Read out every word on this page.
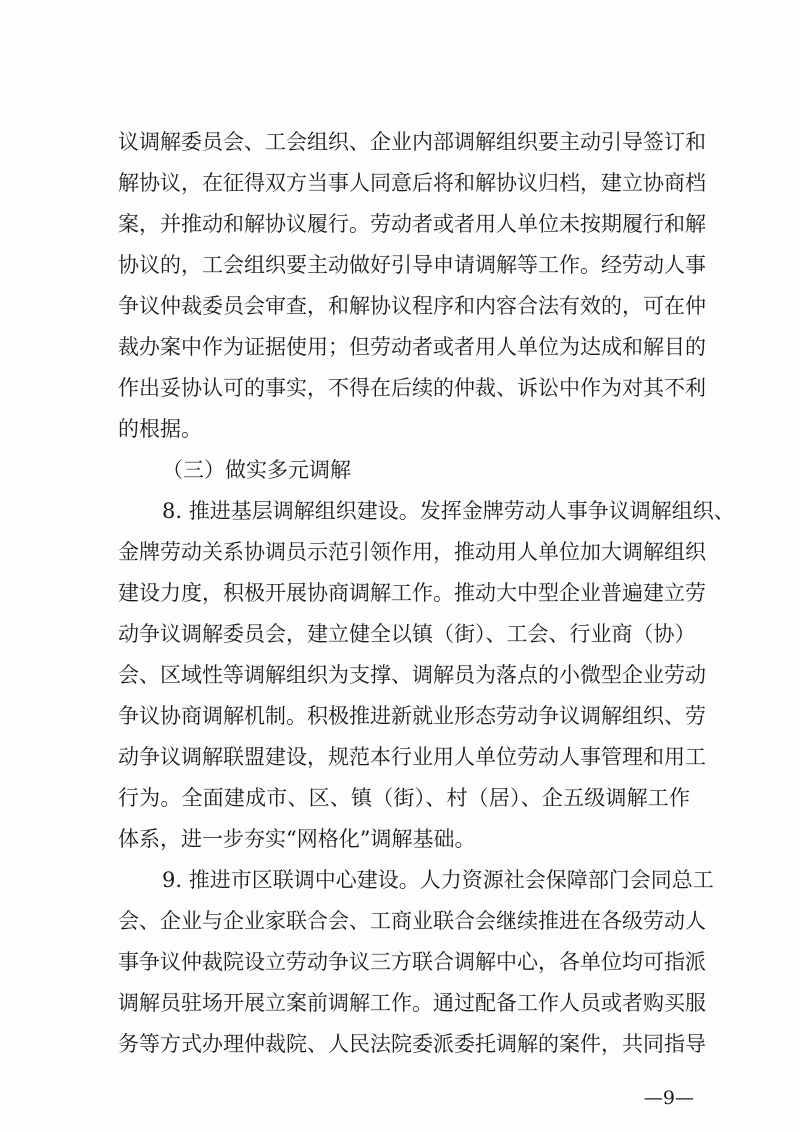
议调解委员会、工会组织、企业内部调解组织要主动引导签订和
解协议，在征得双方当事人同意后将和解协议归档，建立协商档
案，并推动和解协议履行。劳动者或者用人单位未按期履行和解
协议的，工会组织要主动做好引导申请调解等工作。经劳动人事
争议仲裁委员会审查，和解协议程序和内容合法有效的，可在仲
裁办案中作为证据使用；但劳动者或者用人单位为达成和解目的
作出妥协认可的事实，不得在后续的仲裁、诉讼中作为对其不利
的根据。
（三）做实多元调解
8. 推进基层调解组织建设。发挥金牌劳动人事争议调解组织、
金牌劳动关系协调员示范引领作用，推动用人单位加大调解组织
建设力度，积极开展协商调解工作。推动大中型企业普遍建立劳
动争议调解委员会，建立健全以镇（街）、工会、行业商（协）
会、区域性等调解组织为支撑、调解员为落点的小微型企业劳动
争议协商调解机制。积极推进新就业形态劳动争议调解组织、劳
动争议调解联盟建设，规范本行业用人单位劳动人事管理和用工
行为。全面建成市、区、镇（街）、村（居）、企五级调解工作
体系，进一步夯实“网格化”调解基础。
9. 推进市区联调中心建设。人力资源社会保障部门会同总工
会、企业与企业家联合会、工商业联合会继续推进在各级劳动人
事争议仲裁院设立劳动争议三方联合调解中心，各单位均可指派
调解员驻场开展立案前调解工作。通过配备工作人员或者购买服
务等方式办理仲裁院、人民法院委派委托调解的案件，共同指导
—9—
